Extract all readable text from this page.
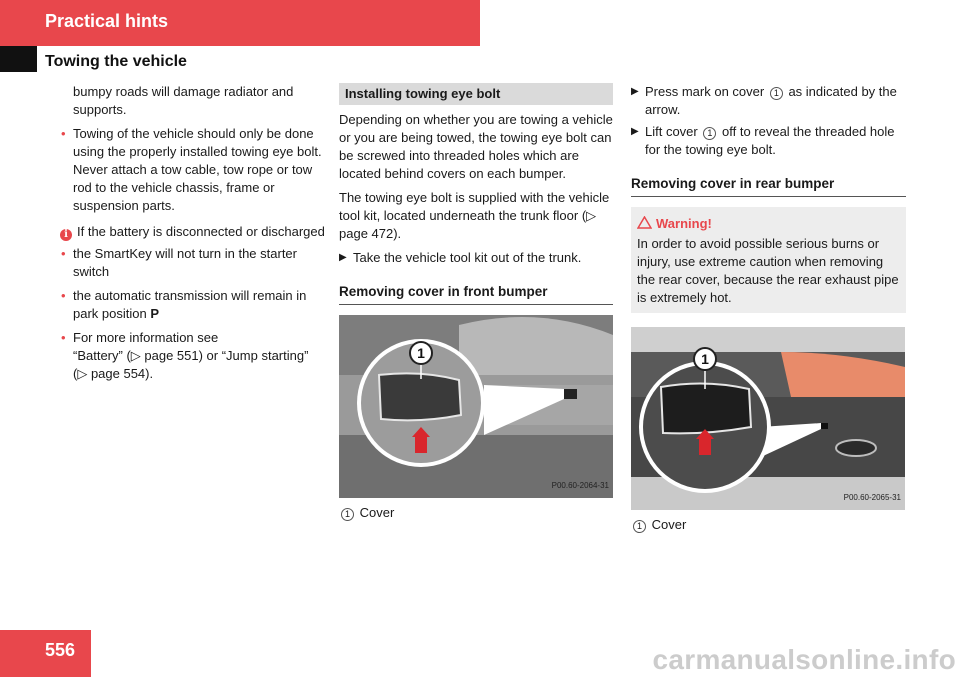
Practical hints
Towing the vehicle

bumpy roads will damage radiator and supports.

• Towing of the vehicle should only be done using the properly installed towing eye bolt. Never attach a tow cable, tow rope or tow rod to the vehicle chassis, frame or suspension parts.
i If the battery is disconnected or discharged
• the SmartKey will not turn in the starter switch
• the automatic transmission will remain in park position P
• For more information see
“Battery” (▷ page 551) or “Jump starting” (▷ page 554).
Installing towing eye bolt

Depending on whether you are towing a vehicle or you are being towed, the towing eye bolt can be screwed into threaded holes which are located behind covers on each bumper.

The towing eye bolt is supplied with the vehicle tool kit, located underneath the trunk floor (▷ page 472).

▶ Take the vehicle tool kit out of the trunk.
Removing cover in front bumper
1
P00.60-2064-31
1 Cover
▶ Press mark on cover 1 as indicated by the arrow.
▶ Lift cover 1 off to reveal the threaded hole for the towing eye bolt.
Removing cover in rear bumper
Warning!
In order to avoid possible serious burns or injury, use extreme caution when removing the rear cover, because the rear exhaust pipe is extremely hot.
1
P00.60-2065-31
1 Cover
556	carmanualsonline.info
